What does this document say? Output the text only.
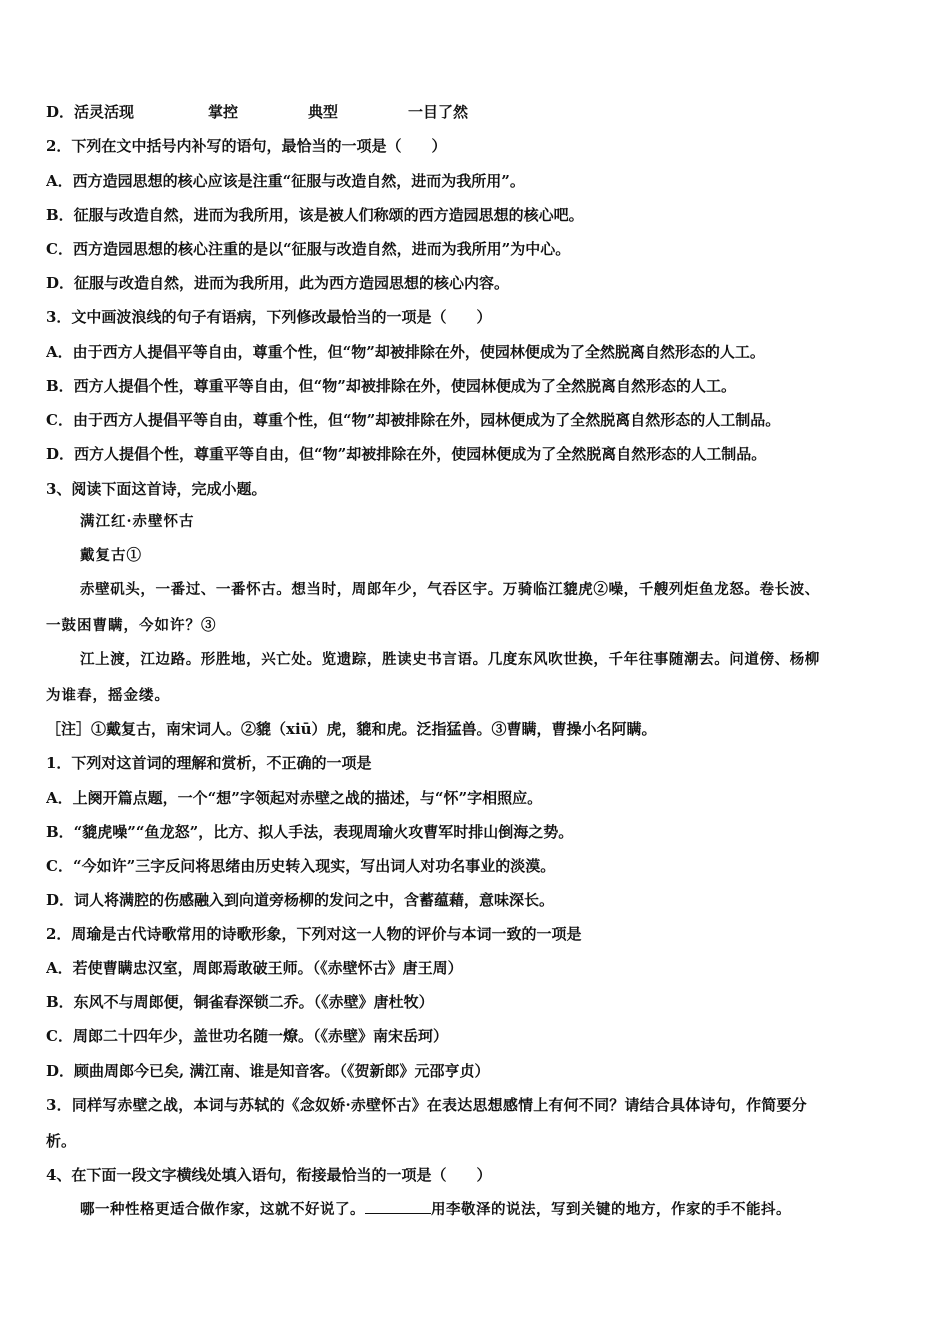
D．活灵活现	掌控	典型	一目了然
2．下列在文中括号内补写的语句，最恰当的一项是（　　）
A．西方造园思想的核心应该是注重“征服与改造自然，进而为我所用”。
B．征服与改造自然，进而为我所用，该是被人们称颂的西方造园思想的核心吧。
C．西方造园思想的核心注重的是以“征服与改造自然，进而为我所用”为中心。
D．征服与改造自然，进而为我所用，此为西方造园思想的核心内容。
3．文中画波浪线的句子有语病，下列修改最恰当的一项是（　　）
A．由于西方人提倡平等自由，尊重个性，但“物”却被排除在外，使园林便成为了全然脱离自然形态的人工。
B．西方人提倡个性，尊重平等自由，但“物”却被排除在外，使园林便成为了全然脱离自然形态的人工。
C．由于西方人提倡平等自由，尊重个性，但“物”却被排除在外，园林便成为了全然脱离自然形态的人工制品。
D．西方人提倡个性，尊重平等自由，但“物”却被排除在外，使园林便成为了全然脱离自然形态的人工制品。
3、阅读下面这首诗，完成小题。
满江红·赤壁怀古
戴复古①
赤壁矶头，一番过、一番怀古。想当时，周郎年少，气吞区宇。万骑临江貔虎②噪，千艘列炬鱼龙怒。卷长波、
一鼓困曹瞒，今如许？③
江上渡，江边路。形胜地，兴亡处。览遗踪，胜读史书言语。几度东风吹世换，千年往事随潮去。问道傍、杨柳
为谁春，摇金缕。
［注］①戴复古，南宋词人。②貔（xiū）虎，貔和虎。泛指猛兽。③曹瞒，曹操小名阿瞒。
1．下列对这首词的理解和赏析，不正确的一项是
A．上阕开篇点题，一个“想”字领起对赤壁之战的描述，与“怀”字相照应。
B．“貔虎噪”“鱼龙怒”，比方、拟人手法，表现周瑜火攻曹军时排山倒海之势。
C．“今如许”三字反问将思绪由历史转入现实，写出词人对功名事业的淡漠。
D．词人将满腔的伤感融入到向道旁杨柳的发问之中，含蓄蕴藉，意味深长。
2．周瑜是古代诗歌常用的诗歌形象，下列对这一人物的评价与本词一致的一项是
A．若使曹瞒忠汉室，周郎焉敢破王师。（《赤壁怀古》唐王周）
B．东风不与周郎便，铜雀春深锁二乔。（《赤壁》唐杜牧）
C．周郎二十四年少，盖世功名随一燎。（《赤壁》南宋岳珂）
D．顾曲周郎今已矣, 满江南、谁是知音客。（《贺新郎》元邵亨贞）
3．同样写赤壁之战，本词与苏轼的《念奴娇·赤壁怀古》在表达思想感情上有何不同？请结合具体诗句，作简要分
析。
4、在下面一段文字横线处填入语句，衔接最恰当的一项是（　　）
哪一种性格更适合做作家，这就不好说了。	用李敬泽的说法，写到关键的地方，作家的手不能抖。
